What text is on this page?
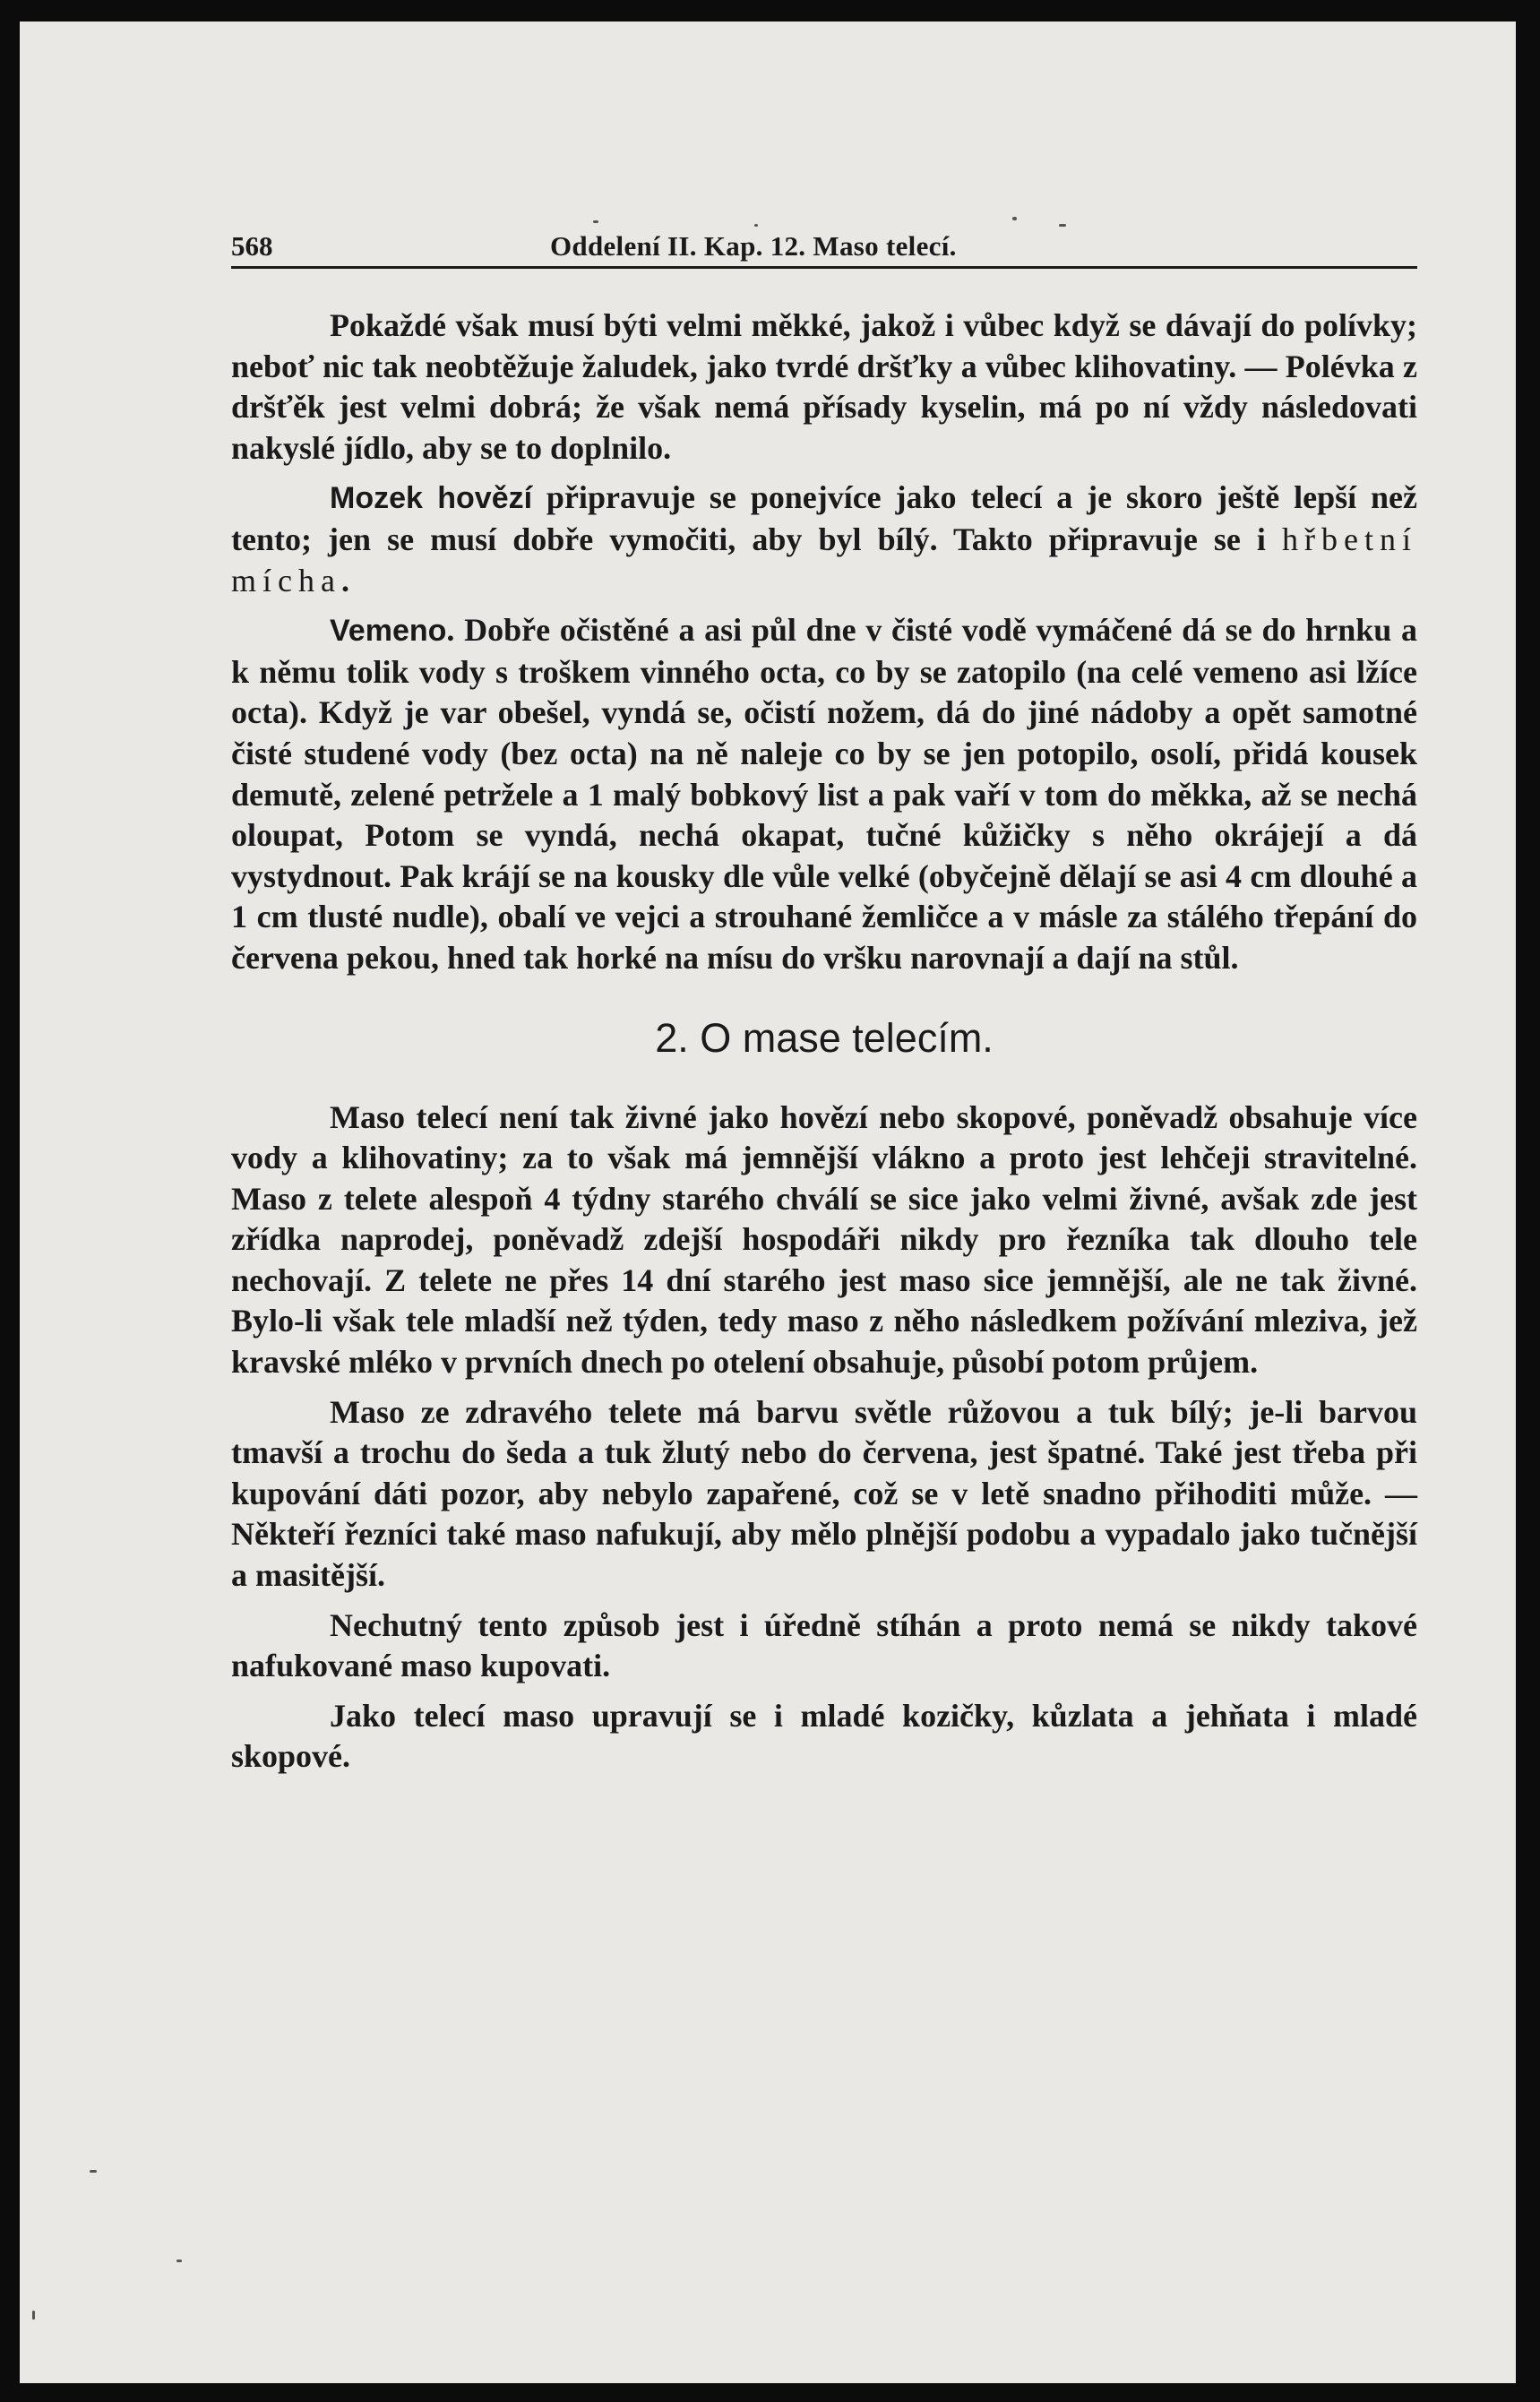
568	Oddelení II. Kap. 12. Maso telecí.

Pokaždé však musí býti velmi měkké, jakož i vůbec když se dávají do polívky; neboť nic tak neobtěžuje žaludek, jako tvrdé dršťky a vůbec klihovatiny. — Polévka z dršťěk jest velmi dobrá; že však nemá přísady kyselin, má po ní vždy následovati nakyslé jídlo, aby se to doplnilo.

Mozek hovězí připravuje se ponejvíce jako telecí a je skoro ještě lepší než tento; jen se musí dobře vymočiti, aby byl bílý. Takto připravuje se i hřbetní mícha.

Vemeno. Dobře očistěné a asi půl dne v čisté vodě vymáčené dá se do hrnku a k němu tolik vody s troškem vinného octa, co by se zatopilo (na celé vemeno asi lžíce octa). Když je var obešel, vyndá se, očistí nožem, dá do jiné nádoby a opět samotné čisté studené vody (bez octa) na ně naleje co by se jen potopilo, osolí, přidá kousek demutě, zelené petržele a 1 malý bobkový list a pak vaří v tom do měkka, až se nechá oloupat, Potom se vyndá, nechá okapat, tučné kůžičky s něho okrájejí a dá vystydnout. Pak krájí se na kousky dle vůle velké (obyčejně dělají se asi 4 cm dlouhé a 1 cm tlusté nudle), obalí ve vejci a strouhané žemličce a v másle za stálého třepání do červena pekou, hned tak horké na mísu do vršku narovnají a dají na stůl.

2. O mase telecím.

Maso telecí není tak živné jako hovězí nebo skopové, poněvadž obsahuje více vody a klihovatiny; za to však má jemnější vlákno a proto jest lehčeji stravitelné. Maso z telete alespoň 4 týdny starého chválí se sice jako velmi živné, avšak zde jest zřídka naprodej, poněvadž zdejší hospodáři nikdy pro řezníka tak dlouho tele nechovají. Z telete ne přes 14 dní starého jest maso sice jemnější, ale ne tak živné. Bylo-li však tele mladší než týden, tedy maso z něho následkem požívání mleziva, jež kravské mléko v prvních dnech po otelení obsahuje, působí potom průjem.

Maso ze zdravého telete má barvu světle růžovou a tuk bílý; je-li barvou tmavší a trochu do šeda a tuk žlutý nebo do červena, jest špatné. Také jest třeba při kupování dáti pozor, aby nebylo zapařené, což se v letě snadno přihoditi může. — Někteří řezníci také maso nafukují, aby mělo plnější podobu a vypadalo jako tučnější a masitější.

Nechutný tento způsob jest i úředně stíhán a proto nemá se nikdy takové nafukované maso kupovati.

Jako telecí maso upravují se i mladé kozičky, kůzlata a jehňata i mladé skopové.
